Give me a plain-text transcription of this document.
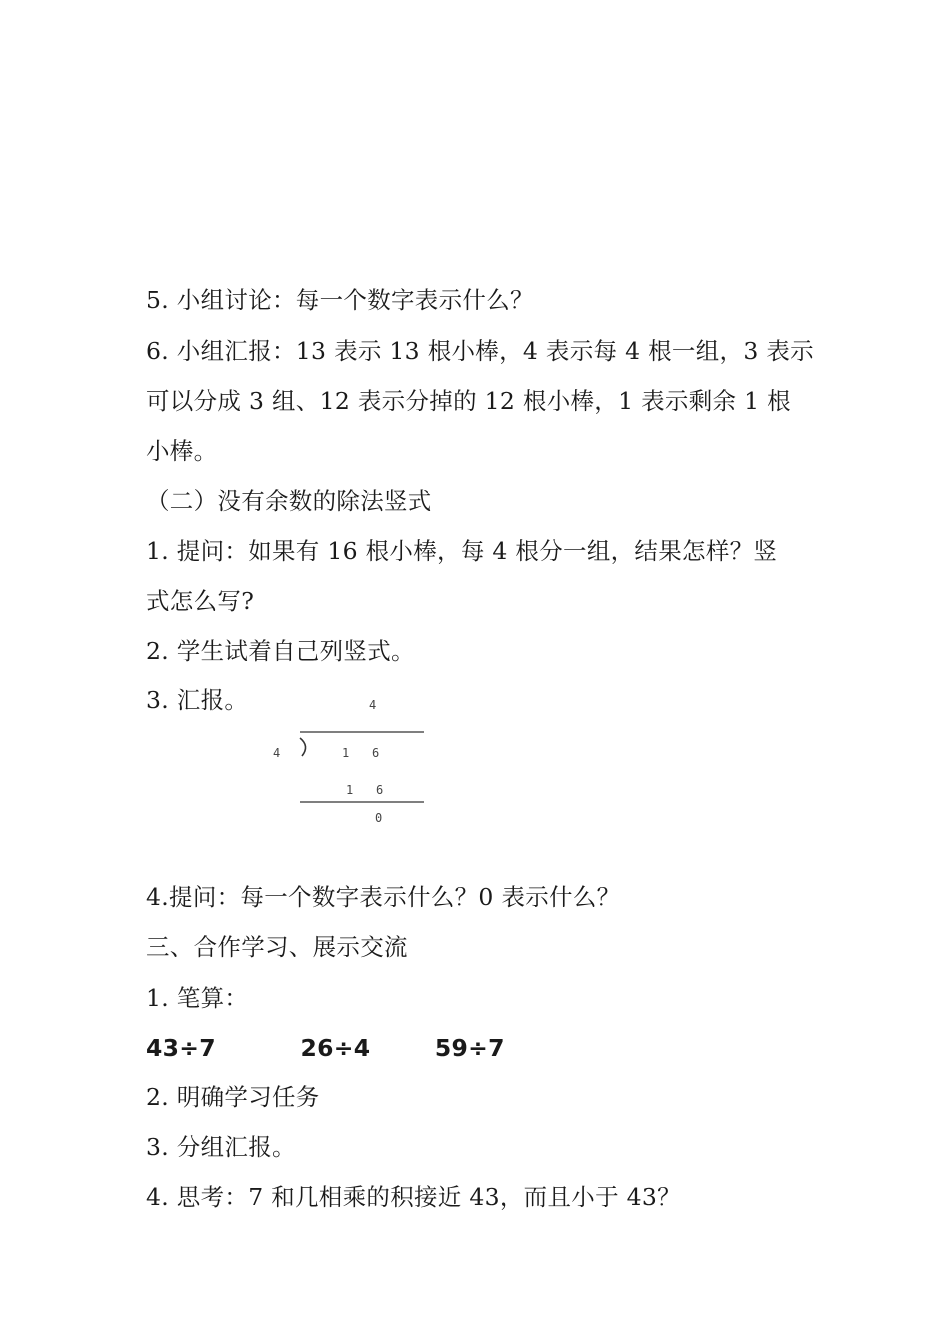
5. 小组讨论：每一个数字表示什么？
6. 小组汇报：13 表示 13 根小棒，4 表示每 4 根一组，3 表示
可以分成 3 组、12 表示分掉的 12 根小棒，1 表示剩余 1 根
小棒。
（二）没有余数的除法竖式
1. 提问：如果有 16 根小棒，每 4 根分一组，结果怎样？竖
式怎么写?
2. 学生试着自己列竖式。
3. 汇报。	4
4	1 6
1 6
0
4.提问：每一个数字表示什么？0 表示什么？
三、合作学习、展示交流
1. 笔算：
43÷7	26÷4	59÷7
2. 明确学习任务
3. 分组汇报。
4. 思考：7 和几相乘的积接近 43，而且小于 43？
